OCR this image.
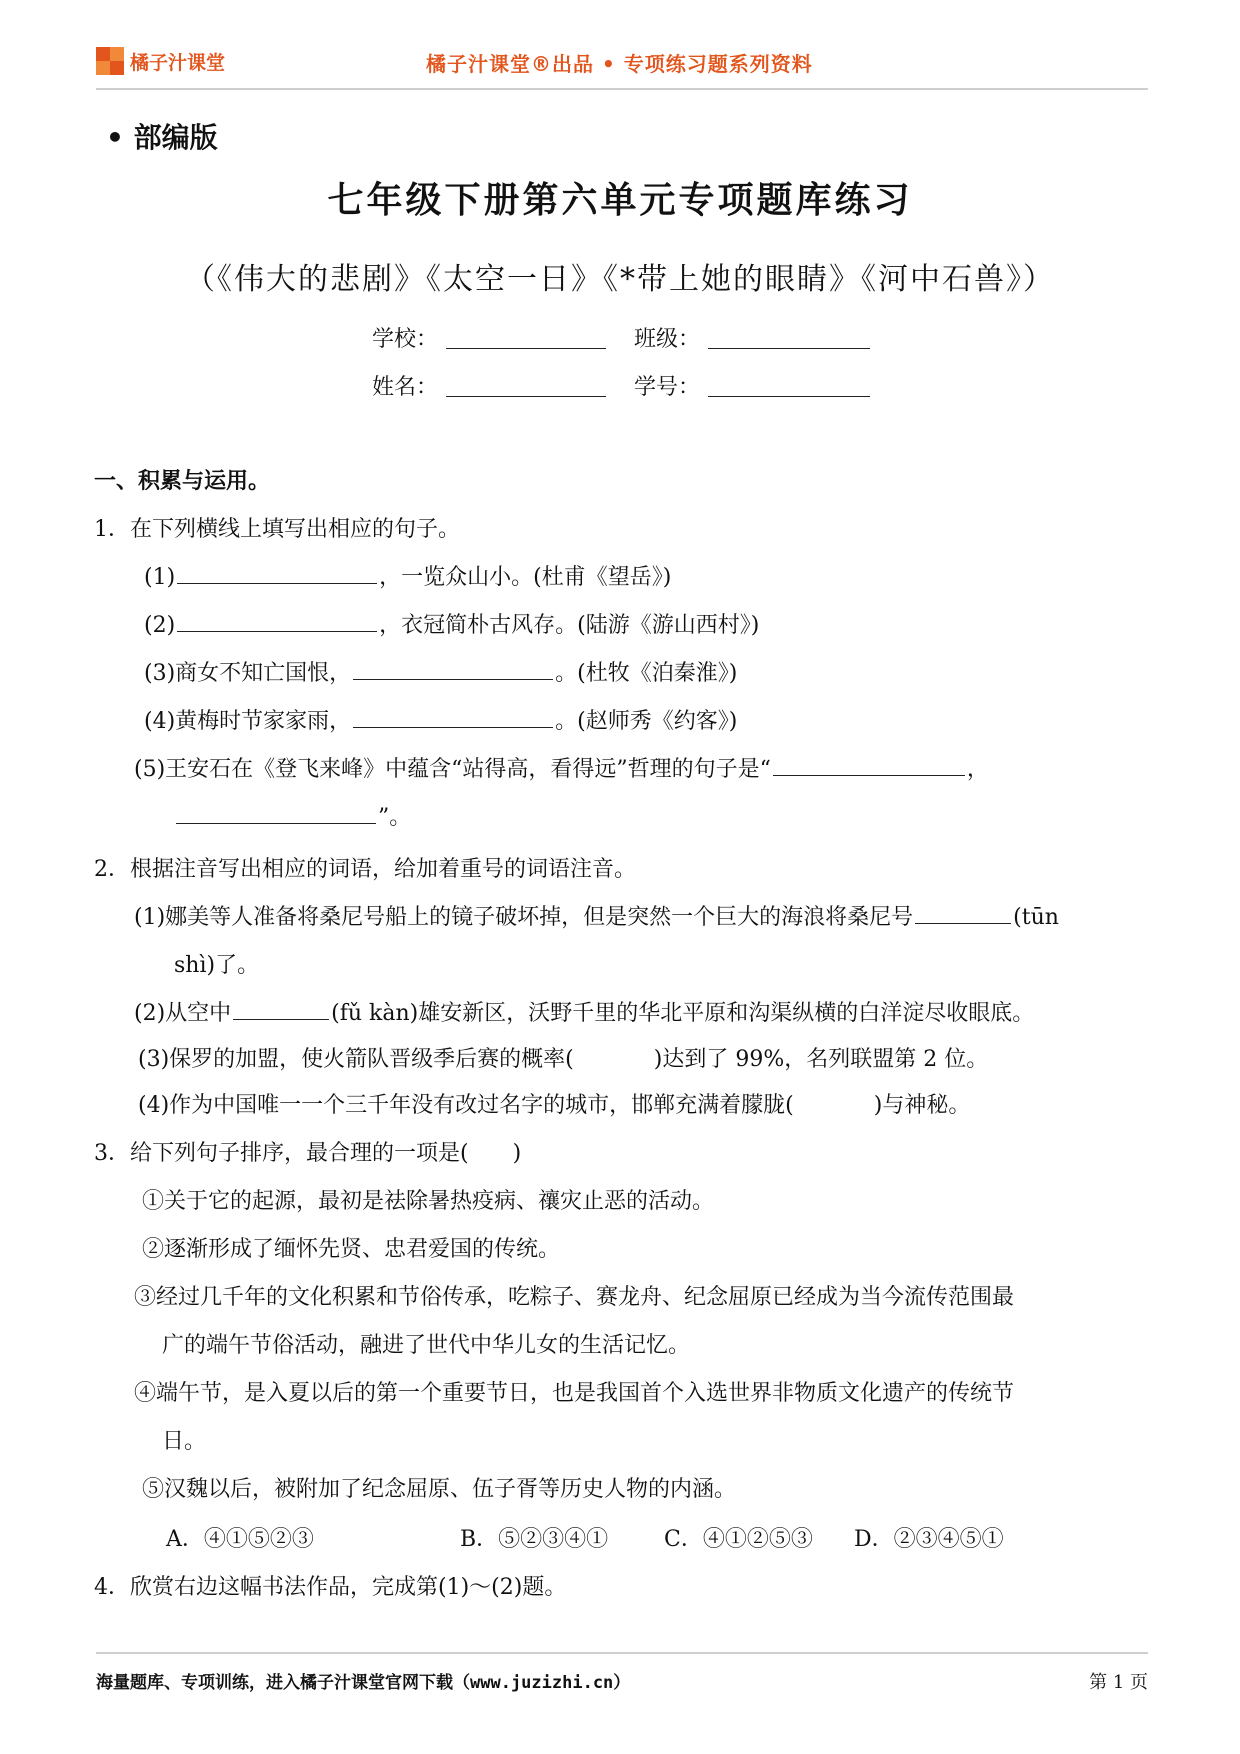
橘子汁课堂	橘子汁课堂®出品 • 专项练习题系列资料
• 部编版
七年级下册第六单元专项题库练习
（《伟大的悲剧》《太空一日》《*带上她的眼睛》《河中石兽》）
学校：	班级：
姓名：	学号：
一、积累与运用。
1．在下列横线上填写出相应的句子。
(1)	，一览众山小。(杜甫《望岳》)
(2)	，衣冠简朴古风存。(陆游《游山西村》)
(3)商女不知亡国恨，	。(杜牧《泊秦淮》)
(4)黄梅时节家家雨，	。(赵师秀《约客》)
(5)王安石在《登飞来峰》中蕴含“站得高，看得远”哲理的句子是“	，
”。
2．根据注音写出相应的词语，给加着重号的词语注音。
(1)娜美等人准备将桑尼号船上的镜子破坏掉，但是突然一个巨大的海浪将桑尼号	(tūn
shì)了。
(2)从空中	(fǔ kàn)雄安新区，沃野千里的华北平原和沟渠纵横的白洋淀尽收眼底。
(3)保罗的加盟，使火箭队晋级季后赛的概率(	)达到了 99%，名列联盟第 2 位。
(4)作为中国唯一一个三千年没有改过名字的城市，邯郸充满着朦胧(	)与神秘。
3．给下列句子排序，最合理的一项是(　　)
①关于它的起源，最初是祛除暑热疫病、禳灾止恶的活动。
②逐渐形成了缅怀先贤、忠君爱国的传统。
③经过几千年的文化积累和节俗传承，吃粽子、赛龙舟、纪念屈原已经成为当今流传范围最
广的端午节俗活动，融进了世代中华儿女的生活记忆。
④端午节，是入夏以后的第一个重要节日，也是我国首个入选世界非物质文化遗产的传统节
日。
⑤汉魏以后，被附加了纪念屈原、伍子胥等历史人物的内涵。
A．④①⑤②③	B．⑤②③④①	C．④①②⑤③ D．②③④⑤①
4．欣赏右边这幅书法作品，完成第(1)～(2)题。
海量题库、专项训练，进入橘子汁课堂官网下载（www.juzizhi.cn）	第 1 页
